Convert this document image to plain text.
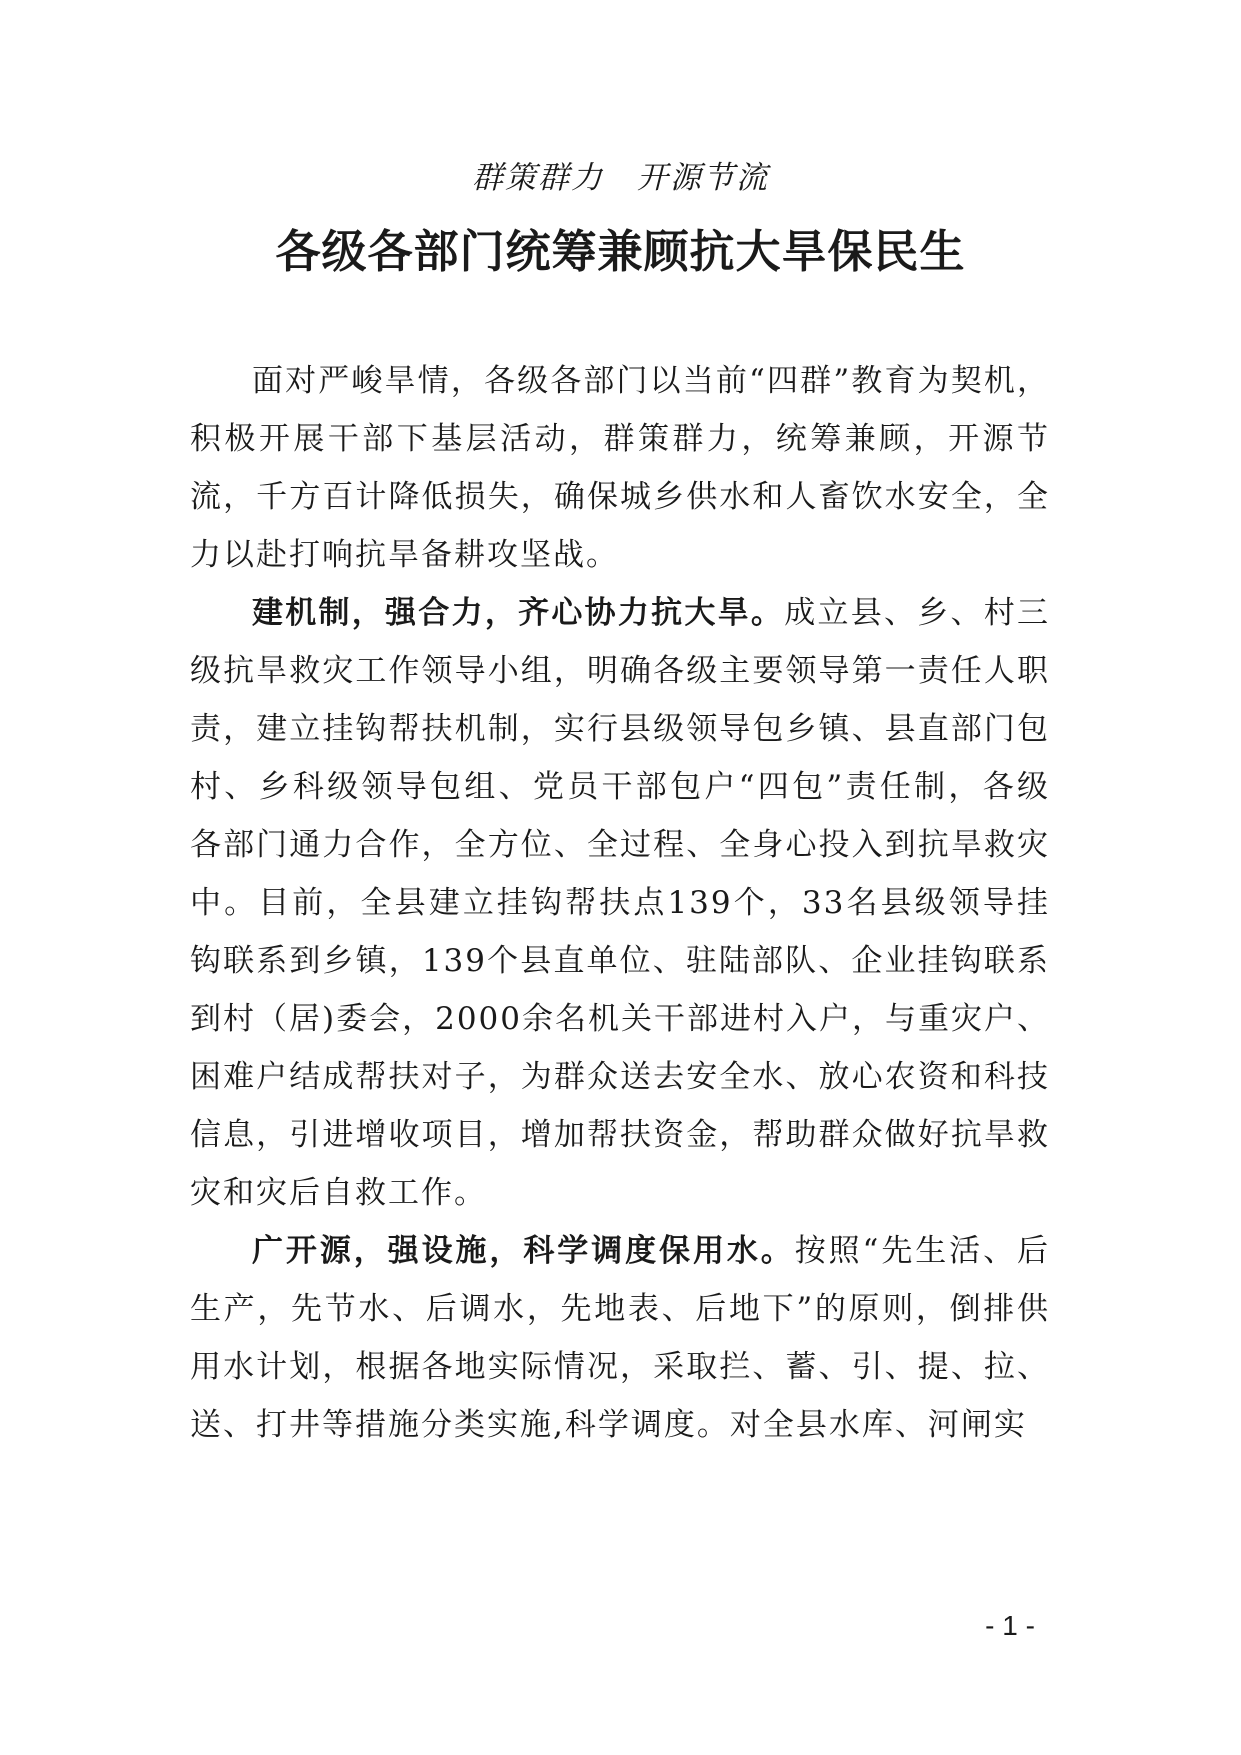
群策群力　开源节流
各级各部门统筹兼顾抗大旱保民生

面对严峻旱情，各级各部门以当前“四群”教育为契机，积极开展干部下基层活动，群策群力，统筹兼顾，开源节流，千方百计降低损失，确保城乡供水和人畜饮水安全，全力以赴打响抗旱备耕攻坚战。

建机制，强合力，齐心协力抗大旱。成立县、乡、村三级抗旱救灾工作领导小组，明确各级主要领导第一责任人职责，建立挂钩帮扶机制，实行县级领导包乡镇、县直部门包村、乡科级领导包组、党员干部包户“四包”责任制，各级各部门通力合作，全方位、全过程、全身心投入到抗旱救灾中。目前，全县建立挂钩帮扶点139个，33名县级领导挂钩联系到乡镇，139个县直单位、驻陆部队、企业挂钩联系到村（居)委会，2000余名机关干部进村入户，与重灾户、困难户结成帮扶对子，为群众送去安全水、放心农资和科技信息，引进增收项目，增加帮扶资金，帮助群众做好抗旱救灾和灾后自救工作。

广开源，强设施，科学调度保用水。按照“先生活、后生产，先节水、后调水，先地表、后地下”的原则，倒排供用水计划，根据各地实际情况，采取拦、蓄、引、提、拉、送、打井等措施分类实施,科学调度。对全县水库、河闸实

- 1 -
